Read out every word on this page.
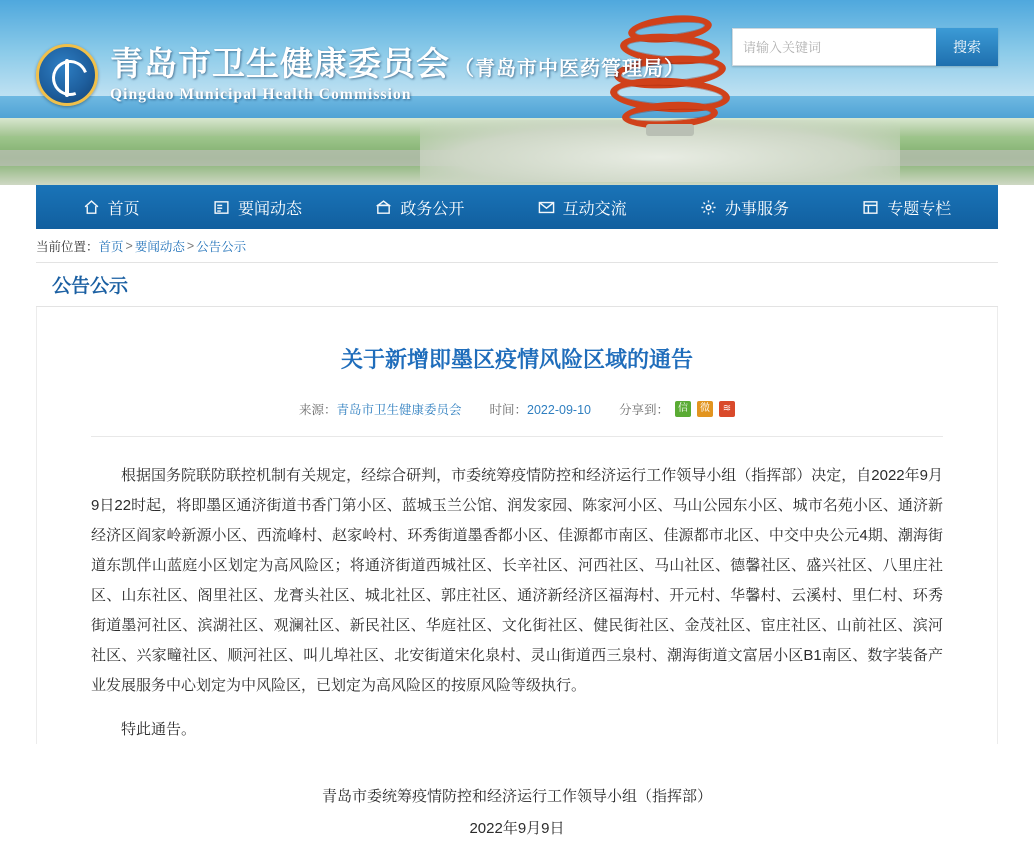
青岛市卫生健康委员会 （青岛市中医药管理局）
Qingdao Municipal Health Commission
请输入关键词
搜索
首页	要闻动态	政务公开	互动交流	办事服务	专题专栏
当前位置： 首页 > 要闻动态 > 公告公示
公告公示
关于新增即墨区疫情风险区域的通告
来源：青岛市卫生健康委员会 时间：2022-09-10 分享到： 信	微	≋

根据国务院联防联控机制有关规定，经综合研判，市委统筹疫情防控和经济运行工作领导小组（指挥部）决定，自2022年9月9日22时起，将即墨区通济街道书香门第小区、蓝城玉兰公馆、润发家园、陈家河小区、马山公园东小区、城市名苑小区、通济新经济区阎家岭新源小区、西流峰村、赵家岭村、环秀街道墨香都小区、佳源都市南区、佳源都市北区、中交中央公元4期、潮海街道东凯伴山蓝庭小区划定为高风险区；将通济街道西城社区、长辛社区、河西社区、马山社区、德馨社区、盛兴社区、八里庄社区、山东社区、阁里社区、龙膏头社区、城北社区、郭庄社区、通济新经济区福海村、开元村、华馨村、云溪村、里仁村、环秀街道墨河社区、滨湖社区、观澜社区、新民社区、华庭社区、文化街社区、健民街社区、金茂社区、宦庄社区、山前社区、滨河社区、兴家疃社区、顺河社区、叫儿埠社区、北安街道宋化泉村、灵山街道西三泉村、潮海街道文富居小区B1南区、数字装备产业发展服务中心划定为中风险区，已划定为高风险区的按原风险等级执行。

特此通告。

青岛市委统筹疫情防控和经济运行工作领导小组（指挥部）
2022年9月9日
